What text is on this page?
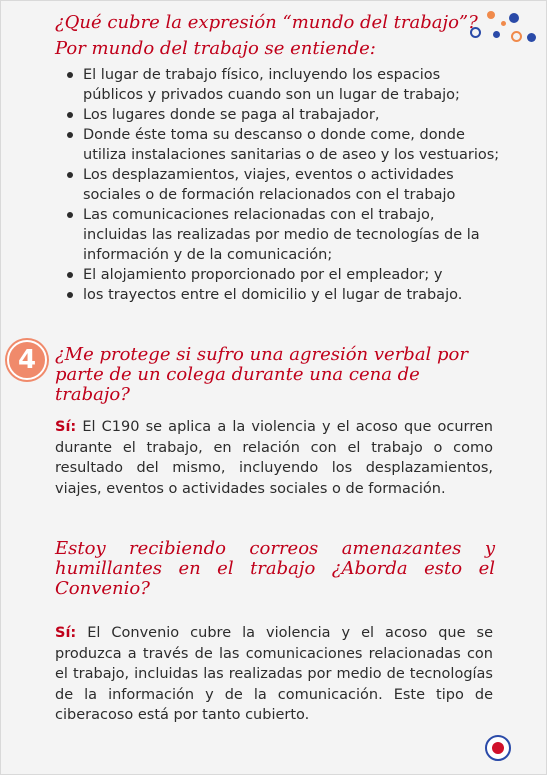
¿Qué cubre la expresión “mundo del trabajo”?
Por mundo del trabajo se entiende:
El lugar de trabajo físico, incluyendo los espacios públicos y privados cuando son un lugar de trabajo;
Los lugares donde se paga al trabajador,
Donde éste toma su descanso o donde come, donde utiliza instalaciones sanitarias o de aseo y los vestuarios;
Los desplazamientos, viajes, eventos o actividades sociales o de formación relacionados con el trabajo
Las comunicaciones relacionadas con el trabajo, incluidas las realizadas por medio de tecnologías de la información y de la comunicación;
El alojamiento proporcionado por el empleador; y
los trayectos entre el domicilio y el lugar de trabajo.
4	¿Me protege si sufro una agresión verbal por parte de un colega durante una cena de trabajo?

Sí: El C190 se aplica a la violencia y el acoso que ocurren durante el trabajo, en relación con el trabajo o como resultado del mismo, incluyendo los desplazamientos, viajes, eventos o actividades sociales o de formación.

Estoy recibiendo correos amenazantes y humillantes en el trabajo ¿Aborda esto el Convenio?

Sí: El Convenio cubre la violencia y el acoso que se produzca a través de las comunicaciones relacionadas con el trabajo, incluidas las realizadas por medio de tecnologías de la información y de la comunicación. Este tipo de ciberacoso está por tanto cubierto.
